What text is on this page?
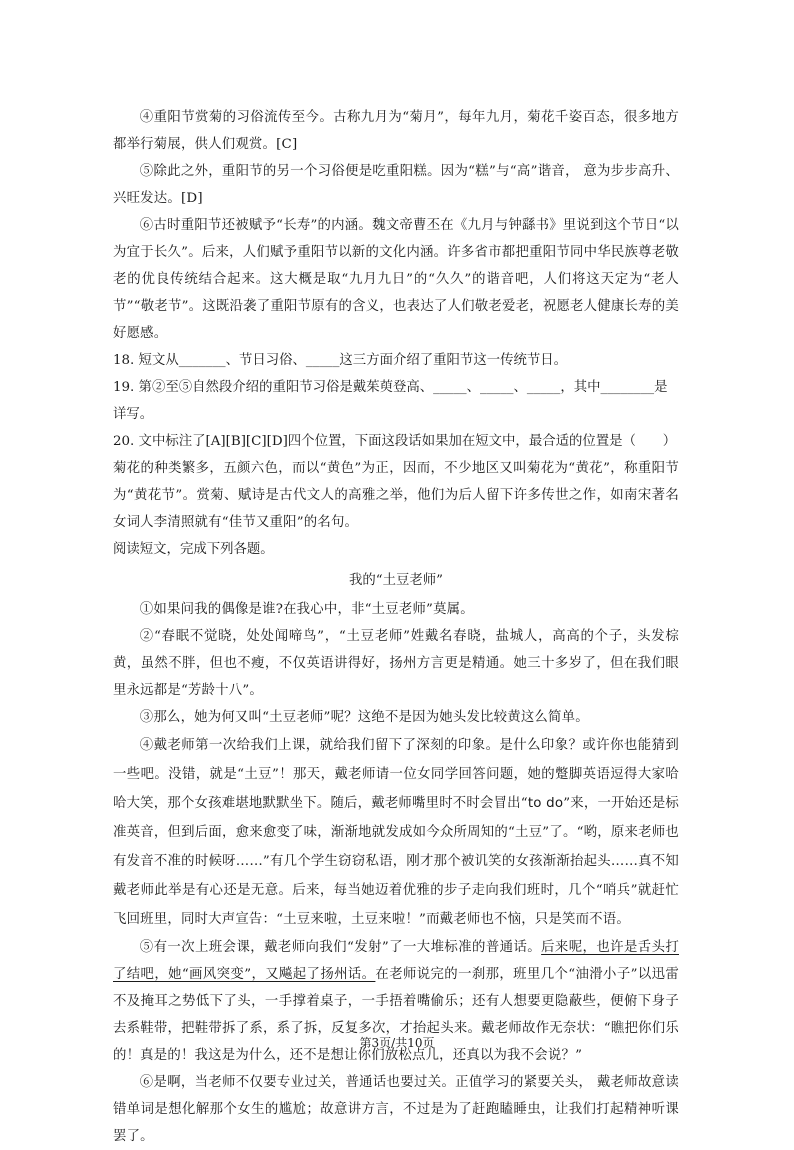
④重阳节赏菊的习俗流传至今。古称九月为“菊月”，每年九月，菊花千姿百态，很多地方都举行菊展，供人们观赏。[C]

⑤除此之外，重阳节的另一个习俗便是吃重阳糕。因为“糕”与“高”谐音， 意为步步高升、兴旺发达。[D]

⑥古时重阳节还被赋予“长寿”的内涵。魏文帝曹丕在《九月与钟繇书》里说到这个节日“以为宜于长久”。后来，人们赋予重阳节以新的文化内涵。许多省市都把重阳节同中华民族尊老敬老的优良传统结合起来。这大概是取“九月九日”的“久久”的谐音吧，人们将这天定为“老人节”“敬老节”。这既沿袭了重阳节原有的含义，也表达了人们敬老爱老，祝愿老人健康长寿的美好愿感。

18. 短文从_______、节日习俗、_____这三方面介绍了重阳节这一传统节日。

19. 第②至⑤自然段介绍的重阳节习俗是戴茱萸登高、_____、_____、_____，其中________是详写。

20. 文中标注了[A][B][C][D]四个位置，下面这段话如果加在短文中，最合适的位置是（　　）

菊花的种类繁多，五颜六色，而以“黄色”为正，因而，不少地区又叫菊花为“黄花”，称重阳节为“黄花节”。赏菊、赋诗是古代文人的高雅之举，他们为后人留下许多传世之作，如南宋著名女词人李清照就有“佳节又重阳”的名句。

阅读短文，完成下列各题。

我的“土豆老师”

①如果问我的偶像是谁?在我心中，非“土豆老师”莫属。

②“春眠不觉晓，处处闻啼鸟”，“土豆老师”姓戴名春晓，盐城人，高高的个子，头发棕黄，虽然不胖，但也不瘦，不仅英语讲得好，扬州方言更是精通。她三十多岁了，但在我们眼里永远都是“芳龄十八”。

③那么，她为何又叫“土豆老师”呢？这绝不是因为她头发比较黄这么简单。

④戴老师第一次给我们上课，就给我们留下了深刻的印象。是什么印象？或许你也能猜到一些吧。没错，就是“土豆”！那天，戴老师请一位女同学回答问题，她的蹩脚英语逗得大家哈哈大笑，那个女孩难堪地默默坐下。随后，戴老师嘴里时不时会冒出“to do”来，一开始还是标准英音，但到后面，愈来愈变了味，渐渐地就发成如今众所周知的“土豆”了。“哟，原来老师也有发音不准的时候呀……”有几个学生窃窃私语，刚才那个被讥笑的女孩渐渐抬起头……真不知戴老师此举是有心还是无意。后来，每当她迈着优雅的步子走向我们班时，几个“哨兵”就赶忙飞回班里，同时大声宣告：“土豆来啦，土豆来啦！”而戴老师也不恼，只是笑而不语。

⑤有一次上班会课，戴老师向我们“发射”了一大堆标准的普通话。后来呢，也许是舌头打了结吧，她“画风突变”，又飚起了扬州话。在老师说完的一刹那，班里几个“油滑小子”以迅雷不及掩耳之势低下了头，一手撑着桌子，一手捂着嘴偷乐；还有人想要更隐蔽些，便俯下身子去系鞋带，把鞋带拆了系，系了拆，反复多次，才抬起头来。戴老师故作无奈状：“瞧把你们乐的！真是的！我这是为什么，还不是想让你们放松点儿，还真以为我不会说？”

⑥是啊，当老师不仅要专业过关，普通话也要过关。正值学习的紧要关头， 戴老师故意读错单词是想化解那个女生的尴尬；故意讲方言，不过是为了赶跑瞌睡虫，让我们打起精神听课罢了。

第3页/共10页
